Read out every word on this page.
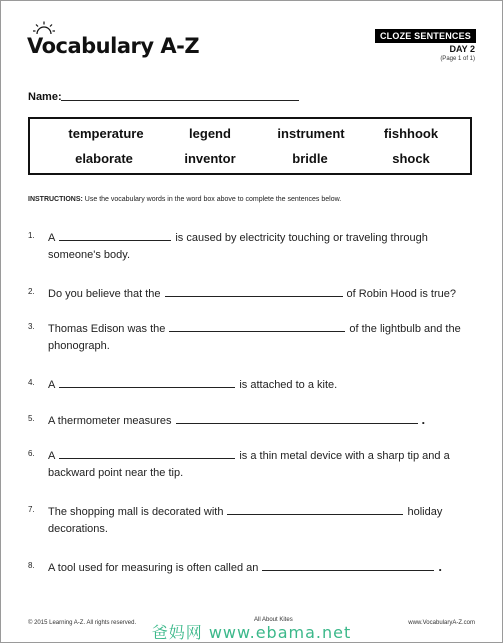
Vocabulary A-Z	CLOZE SENTENCES
DAY 2
(Page 1 of 1)
Name:
temperature	legend	instrument	fishhook
elaborate	inventor	bridle	shock
INSTRUCTIONS: Use the vocabulary words in the word box above to complete the sentences below.
1. A	is caused by electricity touching or traveling through
someone's body.
2. Do you believe that the	of Robin Hood is true?
3. Thomas Edison was the	of the lightbulb and the
phonograph.
4. A	is attached to a kite.
5. A thermometer measures	.
6. A	is a thin metal device with a sharp tip and a
backward point near the tip.
7. The shopping mall is decorated with	holiday
decorations.
8. A tool used for measuring is often called an	.
© 2015 Learning A-Z. All rights reserved.	All About Kites	www.VocabularyA-Z.com
爸妈网 www.ebama.net
